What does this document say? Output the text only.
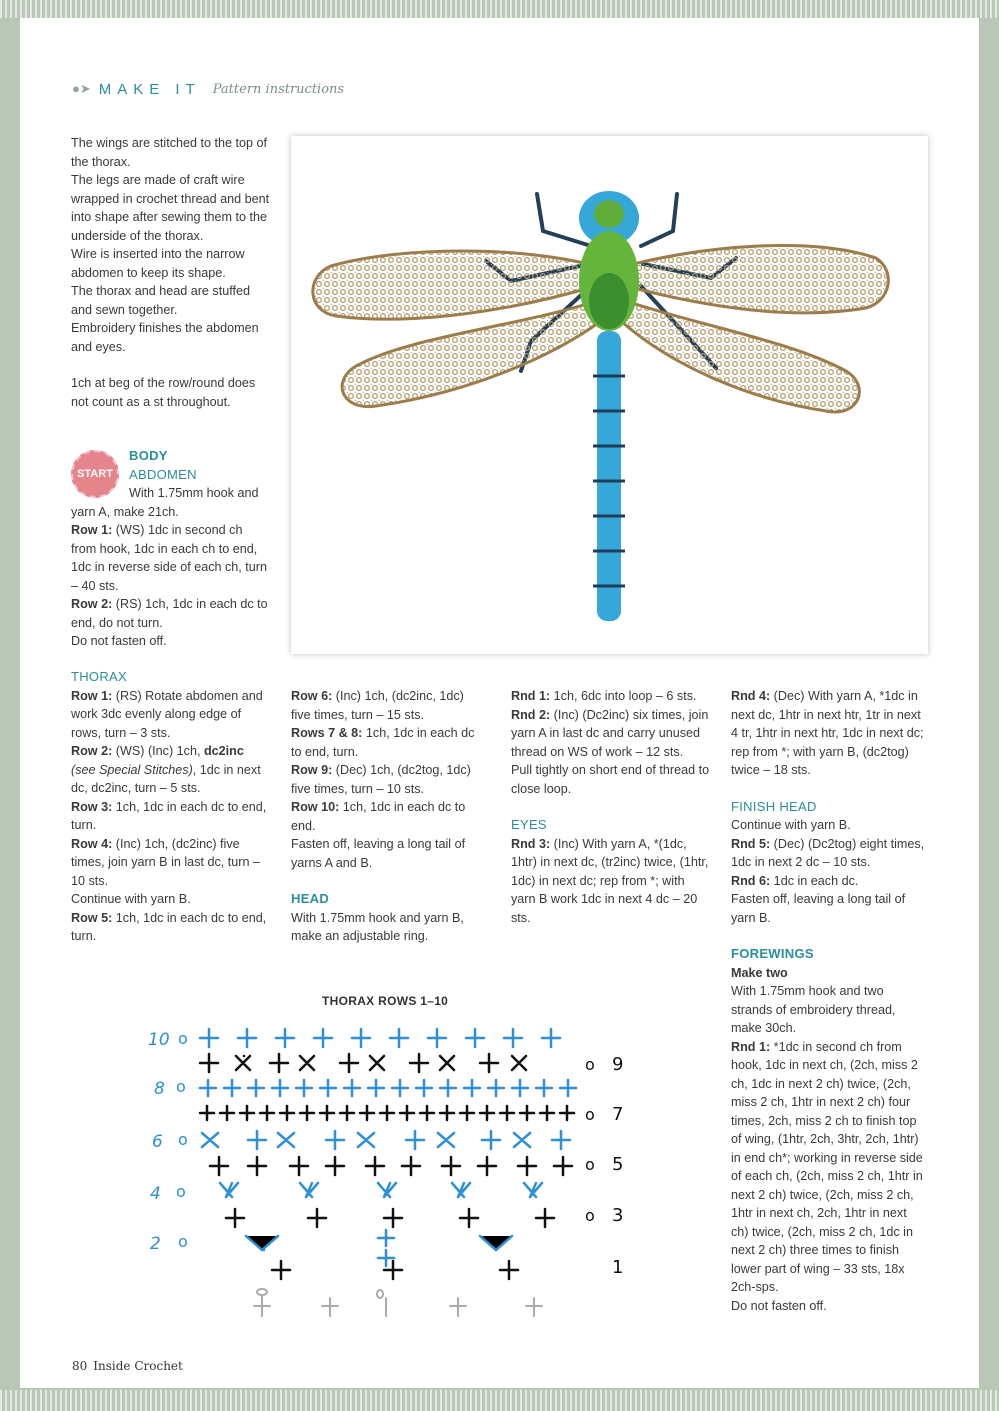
●➤ MAKE IT Pattern instructions

The wings are stitched to the top of the thorax.

The legs are made of craft wire wrapped in crochet thread and bent into shape after sewing them to the underside of the thorax.

Wire is inserted into the narrow abdomen to keep its shape.

The thorax and head are stuffed and sewn together.

Embroidery finishes the abdomen and eyes.

1ch at beg of the row/round does not count as a st throughout.

START

BODY

ABDOMEN

With 1.75mm hook and yarn A, make 21ch.

Row 1: (WS) 1dc in second ch from hook, 1dc in each ch to end, 1dc in reverse side of each ch, turn – 40 sts.

Row 2: (RS) 1ch, 1dc in each dc to end, do not turn.

Do not fasten off.

THORAX

Row 1: (RS) Rotate abdomen and work 3dc evenly along edge of rows, turn – 3 sts.

Row 2: (WS) (Inc) 1ch, dc2inc (see Special Stitches), 1dc in next dc, dc2inc, turn – 5 sts.

Row 3: 1ch, 1dc in each dc to end, turn.

Row 4: (Inc) 1ch, (dc2inc) five times, join yarn B in last dc, turn – 10 sts.

Continue with yarn B.

Row 5: 1ch, 1dc in each dc to end, turn.

Row 6: (Inc) 1ch, (dc2inc, 1dc) five times, turn – 15 sts.

Rows 7 & 8: 1ch, 1dc in each dc to end, turn.

Row 9: (Dec) 1ch, (dc2tog, 1dc) five times, turn – 10 sts.

Row 10: 1ch, 1dc in each dc to end.

Fasten off, leaving a long tail of yarns A and B.

HEAD

With 1.75mm hook and yarn B, make an adjustable ring.

Rnd 1: 1ch, 6dc into loop – 6 sts.

Rnd 2: (Inc) (Dc2inc) six times, join yarn A in last dc and carry unused thread on WS of work – 12 sts.

Pull tightly on short end of thread to close loop.

EYES

Rnd 3: (Inc) With yarn A, *(1dc, 1htr) in next dc, (tr2inc) twice, (1htr, 1dc) in next dc; rep from *; with yarn B work 1dc in next 4 dc – 20 sts.

Rnd 4: (Dec) With yarn A, *1dc in next dc, 1htr in next htr, 1tr in next 4 tr, 1htr in next htr, 1dc in next dc; rep from *; with yarn B, (dc2tog) twice – 18 sts.

FINISH HEAD

Continue with yarn B.

Rnd 5: (Dec) (Dc2tog) eight times, 1dc in next 2 dc – 10 sts.

Rnd 6: 1dc in each dc.

Fasten off, leaving a long tail of yarn B.

FOREWINGS

Make two

With 1.75mm hook and two strands of embroidery thread, make 30ch.

Rnd 1: *1dc in second ch from hook, 1dc in next ch, (2ch, miss 2 ch, 1dc in next 2 ch) twice, (2ch, miss 2 ch, 1htr in next 2 ch) four times, 2ch, miss 2 ch to finish top of wing, (1htr, 2ch, 3htr, 2ch, 1htr) in end ch*; working in reverse side of each ch, (2ch, miss 2 ch, 1htr in next 2 ch) twice, (2ch, miss 2 ch, 1htr in next ch, 2ch, 1htr in next ch) twice, (2ch, miss 2 ch, 1dc in next 2 ch) three times to finish lower part of wing – 33 sts, 18x 2ch-sps.

Do not fasten off.

THORAX ROWS 1–10
10
8
6
4
2
o
o
o
o
o
o
o
o
o
9
7
5
3
1
80 Inside Crochet
